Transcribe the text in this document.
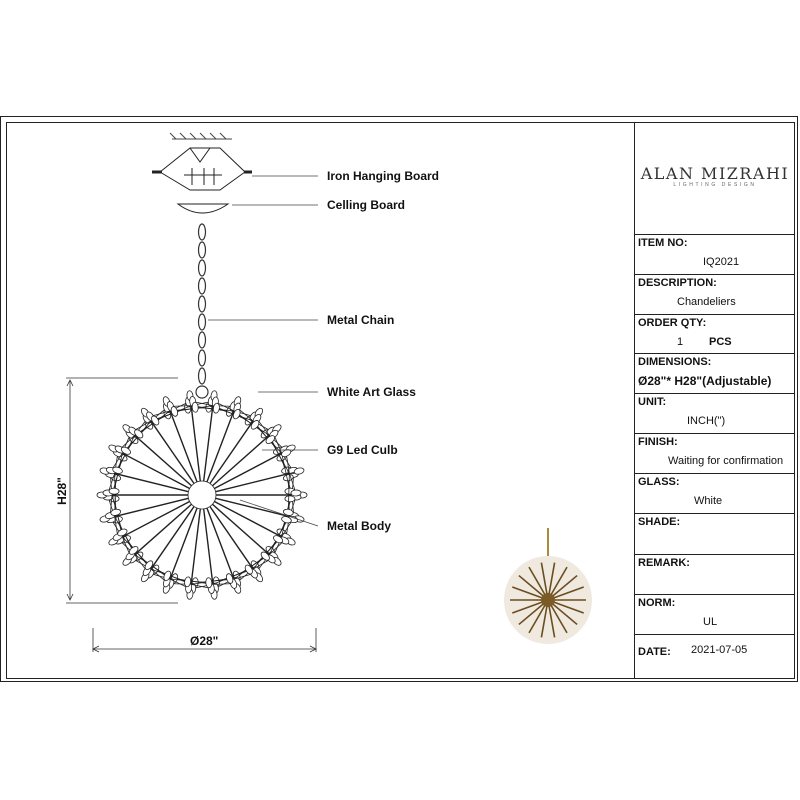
Iron Hanging Board
Celling Board
Metal Chain
White Art Glass
G9 Led Culb
Metal Body
H28"
Ø28"
ALAN MIZRAHI
LIGHTING DESIGN
ITEM NO:
IQ2021
DESCRIPTION:
Chandeliers
ORDER QTY:
1 PCS
DIMENSIONS:
Ø28"* H28"(Adjustable)
UNIT:
INCH(")
FINISH:
Waiting for confirmation
GLASS:
White
SHADE:
REMARK:
NORM:
UL
DATE: 2021-07-05
